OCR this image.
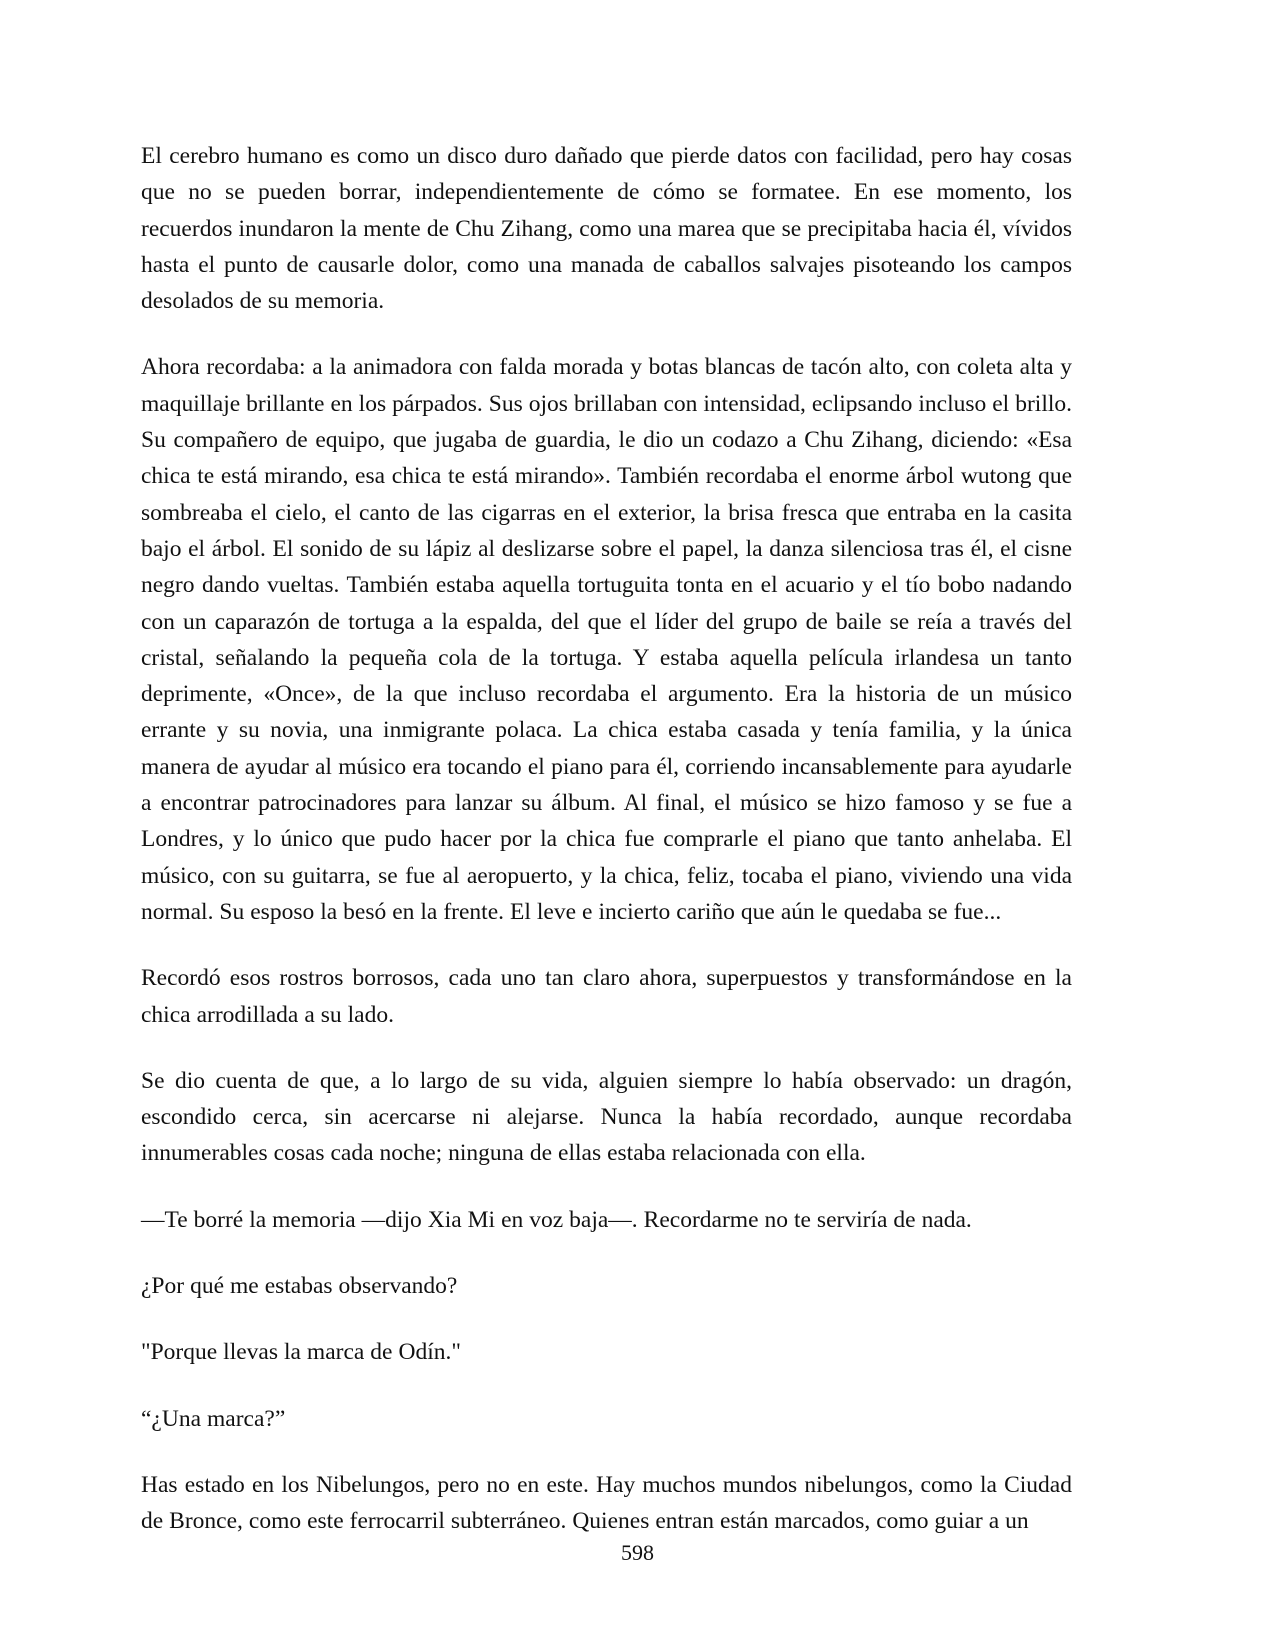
El cerebro humano es como un disco duro dañado que pierde datos con facilidad, pero hay cosas que no se pueden borrar, independientemente de cómo se formatee. En ese momento, los recuerdos inundaron la mente de Chu Zihang, como una marea que se precipitaba hacia él, vívidos hasta el punto de causarle dolor, como una manada de caballos salvajes pisoteando los campos desolados de su memoria.

Ahora recordaba: a la animadora con falda morada y botas blancas de tacón alto, con coleta alta y maquillaje brillante en los párpados. Sus ojos brillaban con intensidad, eclipsando incluso el brillo. Su compañero de equipo, que jugaba de guardia, le dio un codazo a Chu Zihang, diciendo: «Esa chica te está mirando, esa chica te está mirando». También recordaba el enorme árbol wutong que sombreaba el cielo, el canto de las cigarras en el exterior, la brisa fresca que entraba en la casita bajo el árbol. El sonido de su lápiz al deslizarse sobre el papel, la danza silenciosa tras él, el cisne negro dando vueltas. También estaba aquella tortuguita tonta en el acuario y el tío bobo nadando con un caparazón de tortuga a la espalda, del que el líder del grupo de baile se reía a través del cristal, señalando la pequeña cola de la tortuga. Y estaba aquella película irlandesa un tanto deprimente, «Once», de la que incluso recordaba el argumento. Era la historia de un músico errante y su novia, una inmigrante polaca. La chica estaba casada y tenía familia, y la única manera de ayudar al músico era tocando el piano para él, corriendo incansablemente para ayudarle a encontrar patrocinadores para lanzar su álbum. Al final, el músico se hizo famoso y se fue a Londres, y lo único que pudo hacer por la chica fue comprarle el piano que tanto anhelaba. El músico, con su guitarra, se fue al aeropuerto, y la chica, feliz, tocaba el piano, viviendo una vida normal. Su esposo la besó en la frente. El leve e incierto cariño que aún le quedaba se fue...

Recordó esos rostros borrosos, cada uno tan claro ahora, superpuestos y transformándose en la chica arrodillada a su lado.

Se dio cuenta de que, a lo largo de su vida, alguien siempre lo había observado: un dragón, escondido cerca, sin acercarse ni alejarse. Nunca la había recordado, aunque recordaba innumerables cosas cada noche; ninguna de ellas estaba relacionada con ella.

—Te borré la memoria —dijo Xia Mi en voz baja—. Recordarme no te serviría de nada.

¿Por qué me estabas observando?

"Porque llevas la marca de Odín."

“¿Una marca?”

Has estado en los Nibelungos, pero no en este. Hay muchos mundos nibelungos, como la Ciudad de Bronce, como este ferrocarril subterráneo. Quienes entran están marcados, como guiar a un

598
